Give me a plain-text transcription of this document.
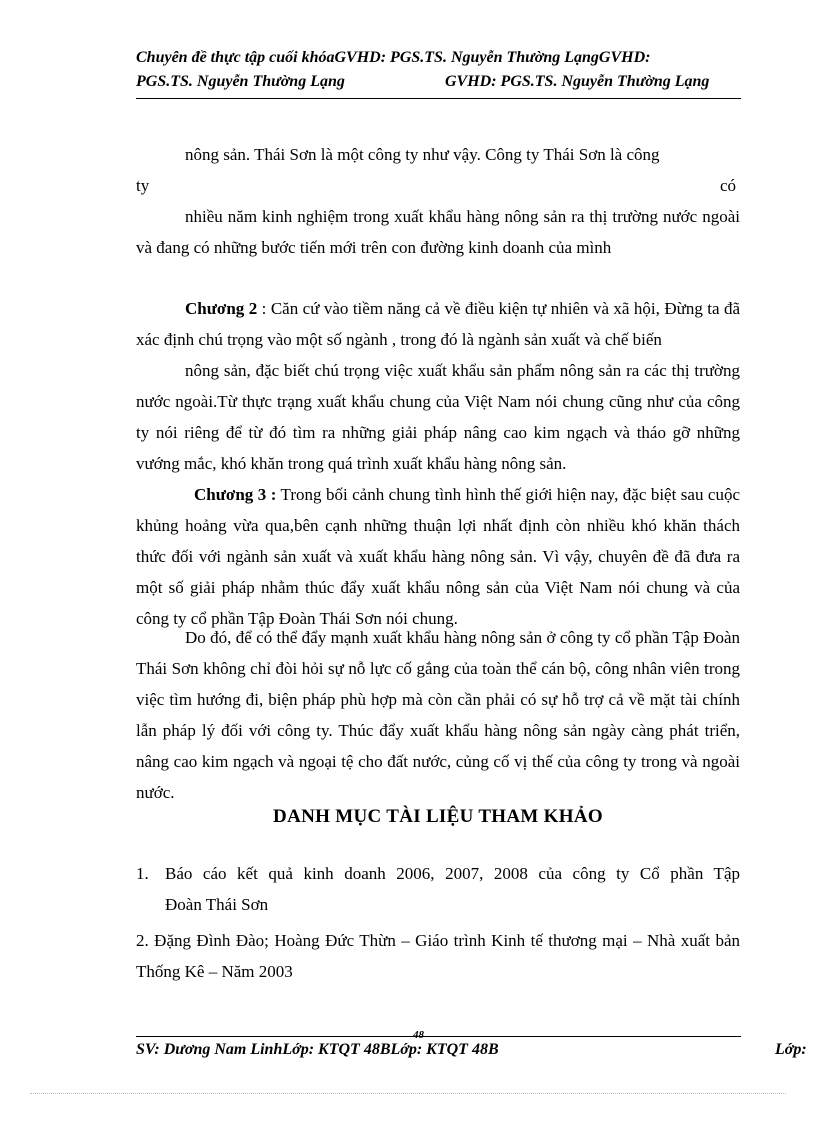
Chuyên đề thực tập cuối khóaGVHD: PGS.TS. Nguyễn Thường LạngGVHD:
PGS.TS. Nguyễn Thường Lạng	GVHD: PGS.TS. Nguyễn Thường Lạng
nông sản. Thái Sơn là một công ty như vậy. Công ty Thái Sơn là công
ty	có
nhiều năm kinh nghiệm trong xuất khẩu hàng nông sản ra thị trường nước ngoài và đang có những bước tiến mới trên con đường kinh doanh của mình
Chương 2 : Căn cứ vào tiềm năng cả về điều kiện tự nhiên và xã hội, Đừng ta đã xác định chú trọng vào một số ngành , trong đó là ngành sản xuất và chế biến
nông sản, đặc biết chú trọng việc xuất khẩu sản phẩm nông sản ra các thị trường nước ngoài.Từ thực trạng xuất khẩu chung của Việt Nam nói chung cũng như của công ty nói riêng để từ đó tìm ra những giải pháp nâng cao kim ngạch và tháo gỡ những vướng mắc, khó khăn trong quá trình xuất khẩu hàng nông sản.
Chương 3 : Trong bối cảnh chung tình hình thế giới hiện nay, đặc biệt sau cuộc khủng hoảng vừa qua,bên cạnh những thuận lợi nhất định còn nhiều khó khăn thách thức đối với ngành sản xuất và xuất khẩu hàng nông sản. Vì vậy, chuyên đề đã đưa ra một số giải pháp nhằm thúc đẩy xuất khẩu nông sản của Việt Nam nói chung và của công ty cổ phần Tập Đoàn Thái Sơn nói chung.
Do đó, để có thể đẩy mạnh xuất khẩu hàng nông sản ở công ty cổ phần Tập Đoàn Thái Sơn không chỉ đòi hỏi sự nỗ lực cố gắng của toàn thể cán bộ, công nhân viên trong việc tìm hướng đi, biện pháp phù hợp mà còn cần phải có sự hỗ trợ cả về mặt tài chính lẫn pháp lý đối với công ty. Thúc đẩy xuất khẩu hàng nông sản ngày càng phát triển, nâng cao kim ngạch và ngoại tệ cho đất nước, củng cố vị thế của công ty trong và ngoài nước.
DANH MỤC TÀI LIỆU THAM KHẢO
1. Báo cáo kết quả kinh doanh 2006, 2007, 2008 của công ty Cổ phần Tập
Đoàn Thái Sơn
2. Đặng Đình Đào; Hoàng Đức Thừn – Giáo trình Kinh tế thương mại – Nhà xuất bản Thống Kê – Năm 2003
48
SV: Dương Nam LinhLớp: KTQT 48BLớp: KTQT 48B	Lớp:
